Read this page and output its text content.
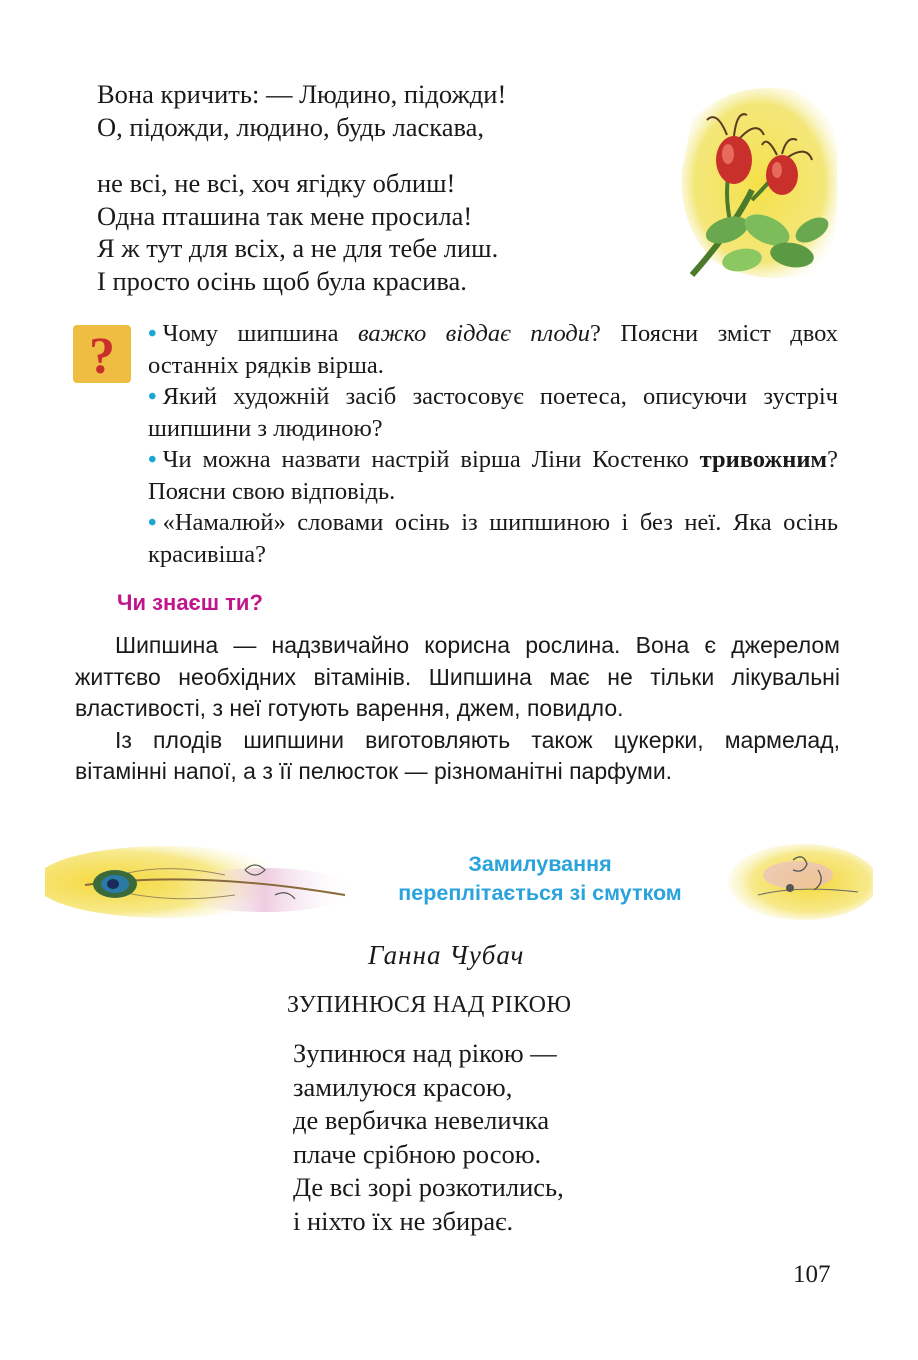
Вона кричить: — Людино, підожди!
О, підожди, людино, будь ласкава,
не всі, не всі, хоч ягідку облиш!
Одна пташина так мене просила!
Я ж тут для всіх, а не для тебе лиш.
І просто осінь щоб була красива.
? • Чому шипшина важко віддає плоди? Поясни зміст двох останніх рядків вірша.

• Який художній засіб застосовує поетеса, описуючи зустріч шипшини з людиною?

• Чи можна назвати настрій вірша Ліни Костенко тривожним? Поясни свою відповідь.

• «Намалюй» словами осінь із шипшиною і без неї. Яка осінь красивіша?

Чи знаєш ти?

Шипшина — надзвичайно корисна рослина. Вона є джерелом життєво необхідних вітамінів. Шипшина має не тільки лікувальні властивості, з неї готують варення, джем, повидло.

Із плодів шипшини виготовляють також цукерки, мармелад, вітамінні напої, а з її пелюсток — різноманітні парфуми.

Замилування
переплітається зі смутком
Ганна Чубач
ЗУПИНЮСЯ НАД РІКОЮ
Зупинюся над рікою —
замилуюся красою,
де вербичка невеличка
плаче срібною росою.
Де всі зорі розкотились,
і ніхто їх не збирає.
107
